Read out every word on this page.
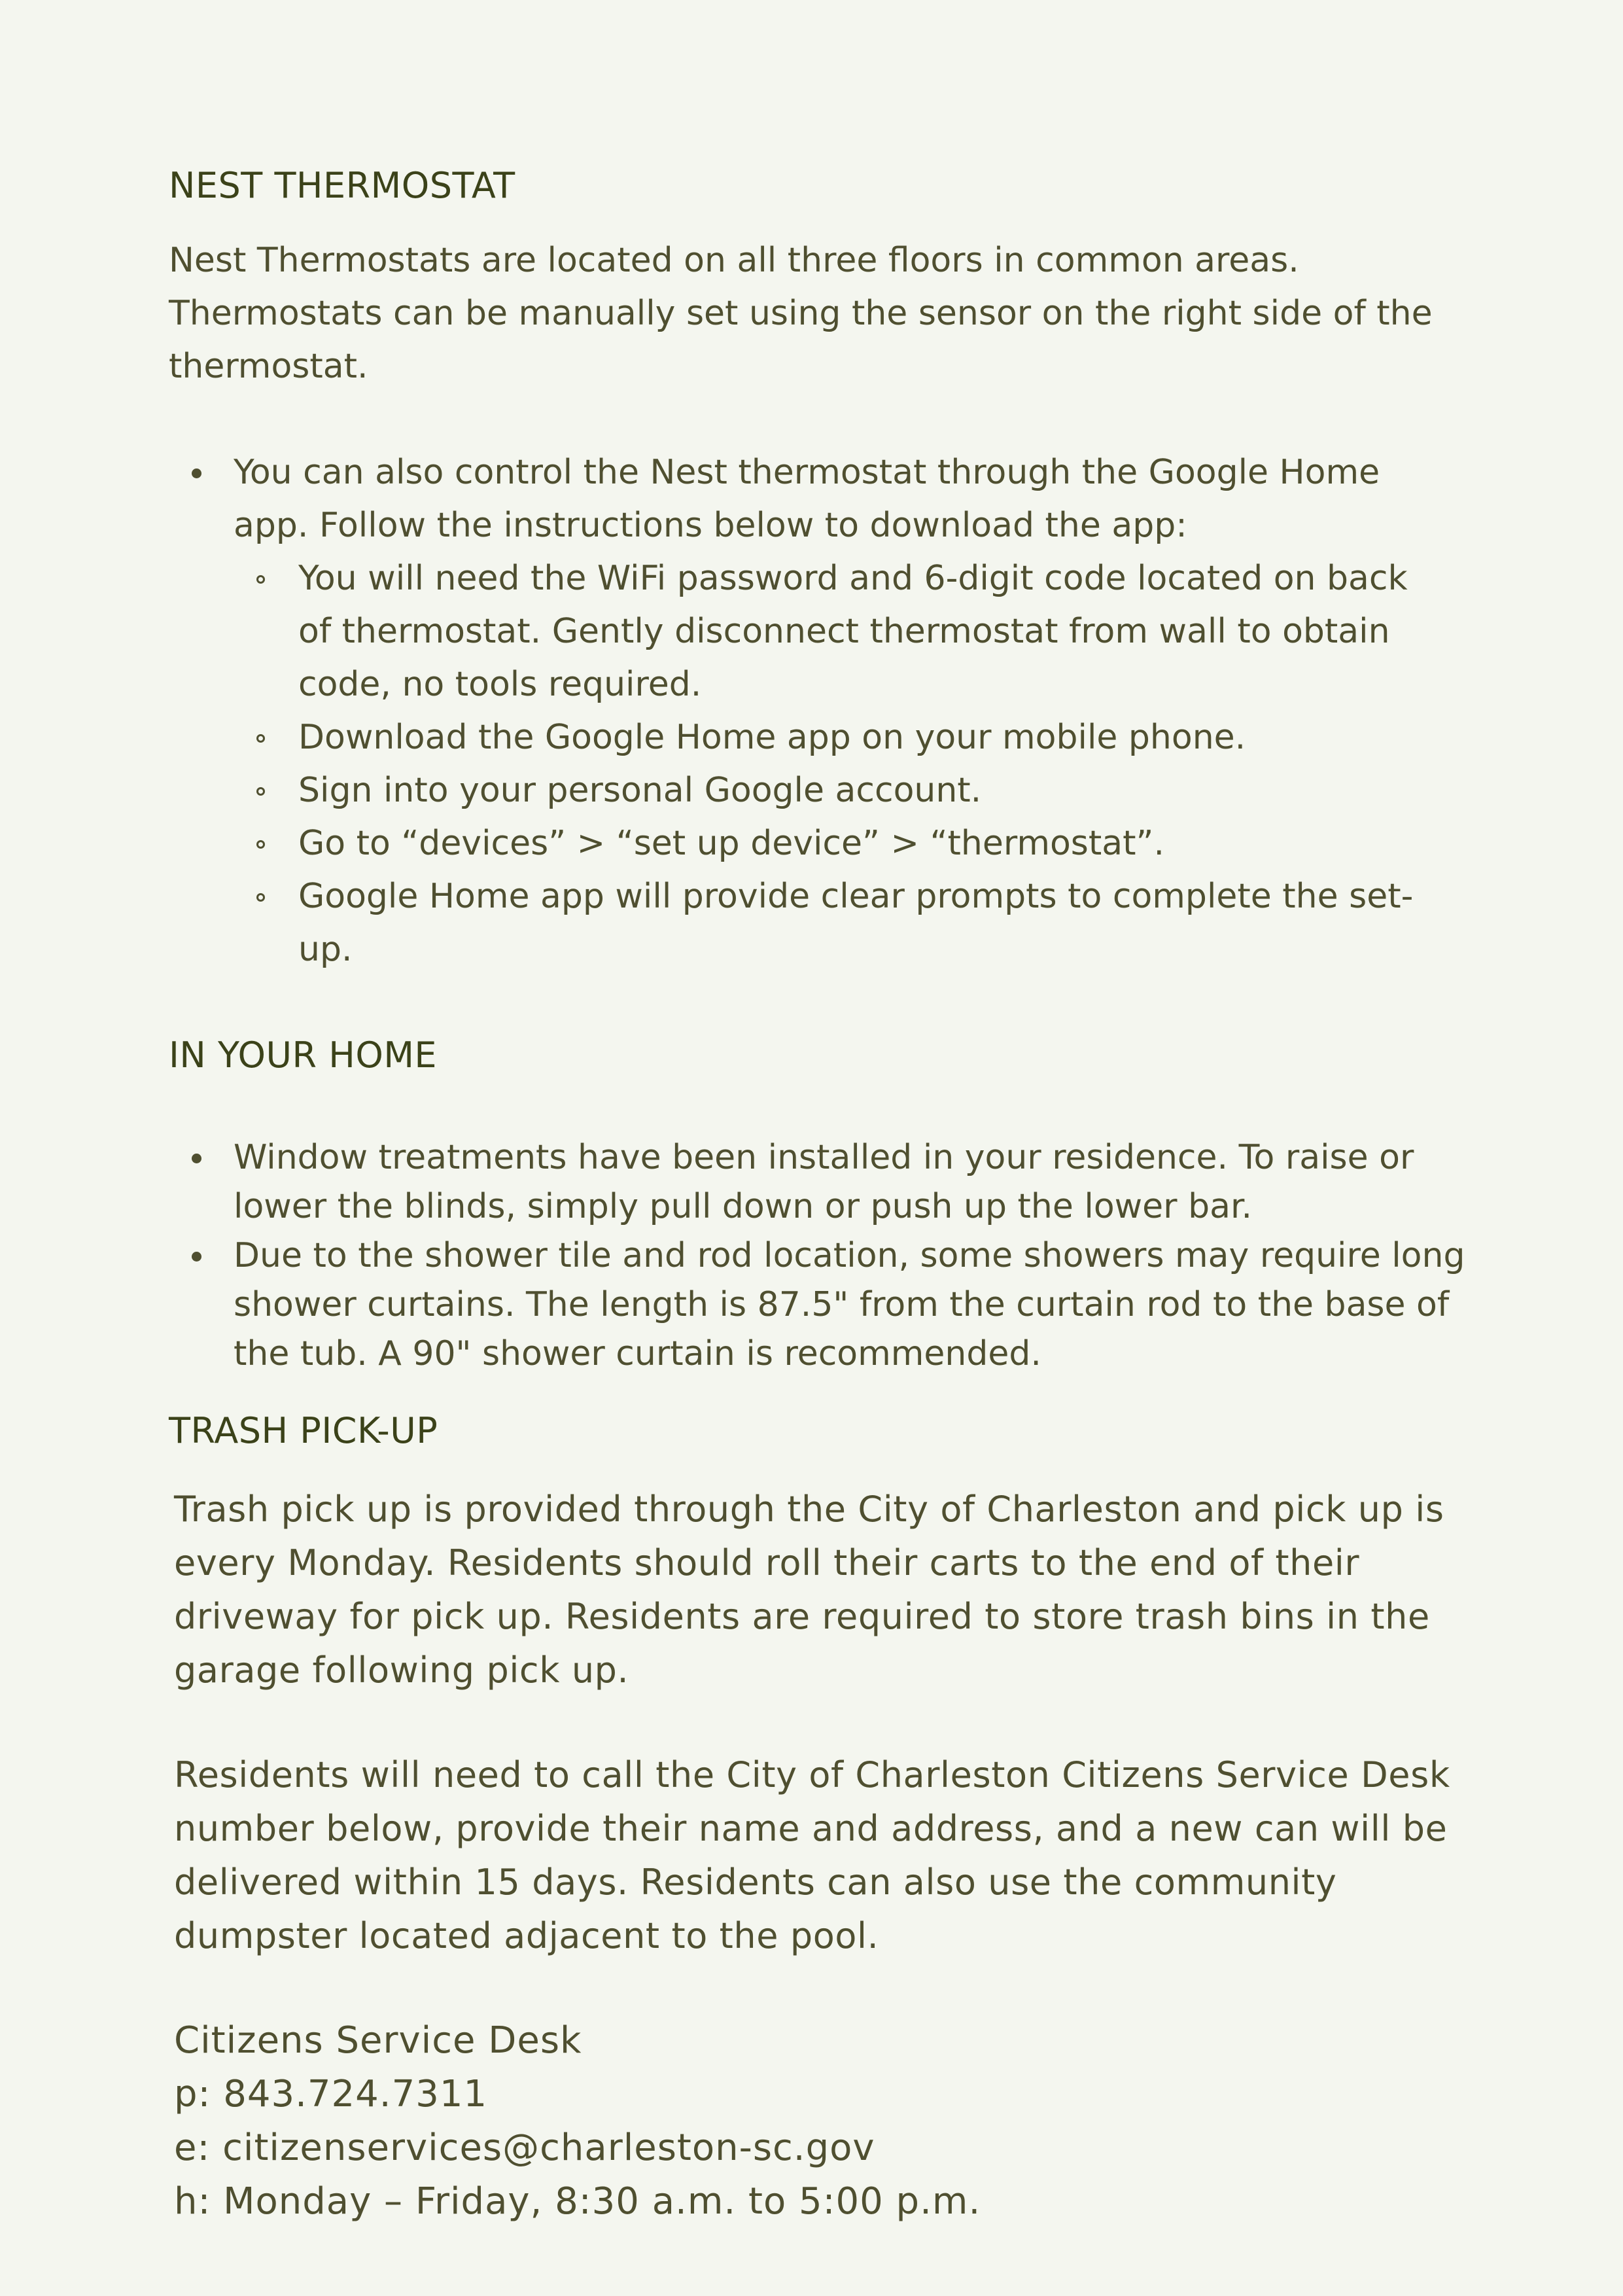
NEST THERMOSTAT

Nest Thermostats are located on all three floors in common areas.
Thermostats can be manually set using the sensor on the right side of the
thermostat.

You can also control the Nest thermostat through the Google Home
app. Follow the instructions below to download the app:
You will need the WiFi password and 6-digit code located on back
of thermostat. Gently disconnect thermostat from wall to obtain
code, no tools required.
Download the Google Home app on your mobile phone.
Sign into your personal Google account.
Go to “devices” > “set up device” > “thermostat”.
Google Home app will provide clear prompts to complete the set-
up.
IN YOUR HOME
Window treatments have been installed in your residence. To raise or
lower the blinds, simply pull down or push up the lower bar.
Due to the shower tile and rod location, some showers may require long
shower curtains. The length is 87.5" from the curtain rod to the base of
the tub. A 90" shower curtain is recommended.
TRASH PICK-UP

Trash pick up is provided through the City of Charleston and pick up is
every Monday. Residents should roll their carts to the end of their
driveway for pick up. Residents are required to store trash bins in the
garage following pick up.

Residents will need to call the City of Charleston Citizens Service Desk
number below, provide their name and address, and a new can will be
delivered within 15 days. Residents can also use the community
dumpster located adjacent to the pool.

Citizens Service Desk
p: 843.724.7311
e: citizenservices@charleston-sc.gov
h: Monday – Friday, 8:30 a.m. to 5:00 p.m.
